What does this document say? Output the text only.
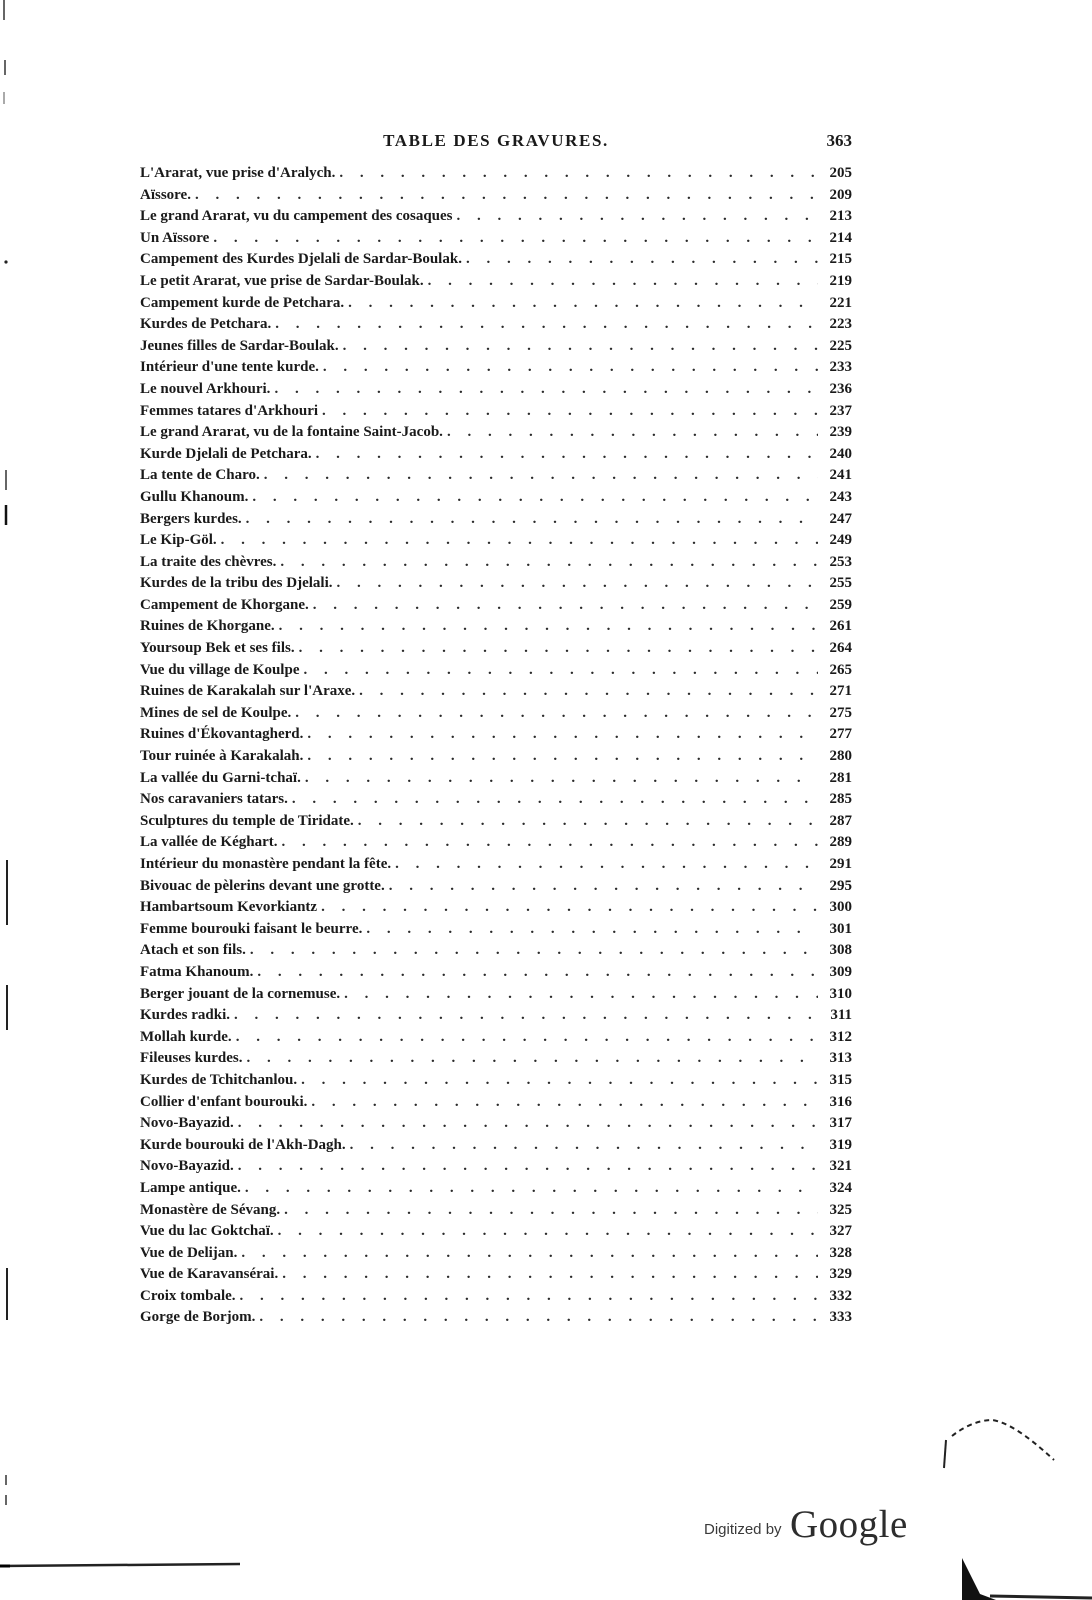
TABLE DES GRAVURES.	363
L'Ararat, vue prise d'Aralych. . . .	205
Aïssore. . . .	209
Le grand Ararat, vu du campement des cosaques . . .	213
Un Aïssore . . .	214
Campement des Kurdes Djelali de Sardar-Boulak. . . .	215
Le petit Ararat, vue prise de Sardar-Boulak. . . .	219
Campement kurde de Petchara. . . .	221
Kurdes de Petchara. . . .	223
Jeunes filles de Sardar-Boulak. . . .	225
Intérieur d'une tente kurde. . . .	233
Le nouvel Arkhouri. . . .	236
Femmes tatares d'Arkhouri . . .	237
Le grand Ararat, vu de la fontaine Saint-Jacob. . . .	239
Kurde Djelali de Petchara. . . .	240
La tente de Charo. . . .	241
Gullu Khanoum. . . .	243
Bergers kurdes. . . .	247
Le Kip-Göl. . . .	249
La traite des chèvres. . . .	253
Kurdes de la tribu des Djelali. . . .	255
Campement de Khorgane. . . .	259
Ruines de Khorgane. . . .	261
Yoursoup Bek et ses fils. . . .	264
Vue du village de Koulpe . . .	265
Ruines de Karakalah sur l'Araxe. . . .	271
Mines de sel de Koulpe. . . .	275
Ruines d'Ékovantagherd. . . .	277
Tour ruinée à Karakalah. . . .	280
La vallée du Garni-tchaï. . . .	281
Nos caravaniers tatars. . . .	285
Sculptures du temple de Tiridate. . . .	287
La vallée de Kéghart. . . .	289
Intérieur du monastère pendant la fête. . . .	291
Bivouac de pèlerins devant une grotte. . . .	295
Hambartsoum Kevorkiantz . . .	300
Femme bourouki faisant le beurre. . . .	301
Atach et son fils. . . .	308
Fatma Khanoum. . . .	309
Berger jouant de la cornemuse. . . .	310
Kurdes radki. . . .	311
Mollah kurde. . . .	312
Fileuses kurdes. . . .	313
Kurdes de Tchitchanlou. . . .	315
Collier d'enfant bourouki. . . .	316
Novo-Bayazid. . . .	317
Kurde bourouki de l'Akh-Dagh. . . .	319
Novo-Bayazid. . . .	321
Lampe antique. . . .	324
Monastère de Sévang. . . .	325
Vue du lac Goktchaï. . . .	327
Vue de Delijan. . . .	328
Vue de Karavansérai. . . .	329
Croix tombale. . . .	332
Gorge de Borjom. . . .	333
Digitized by Google
